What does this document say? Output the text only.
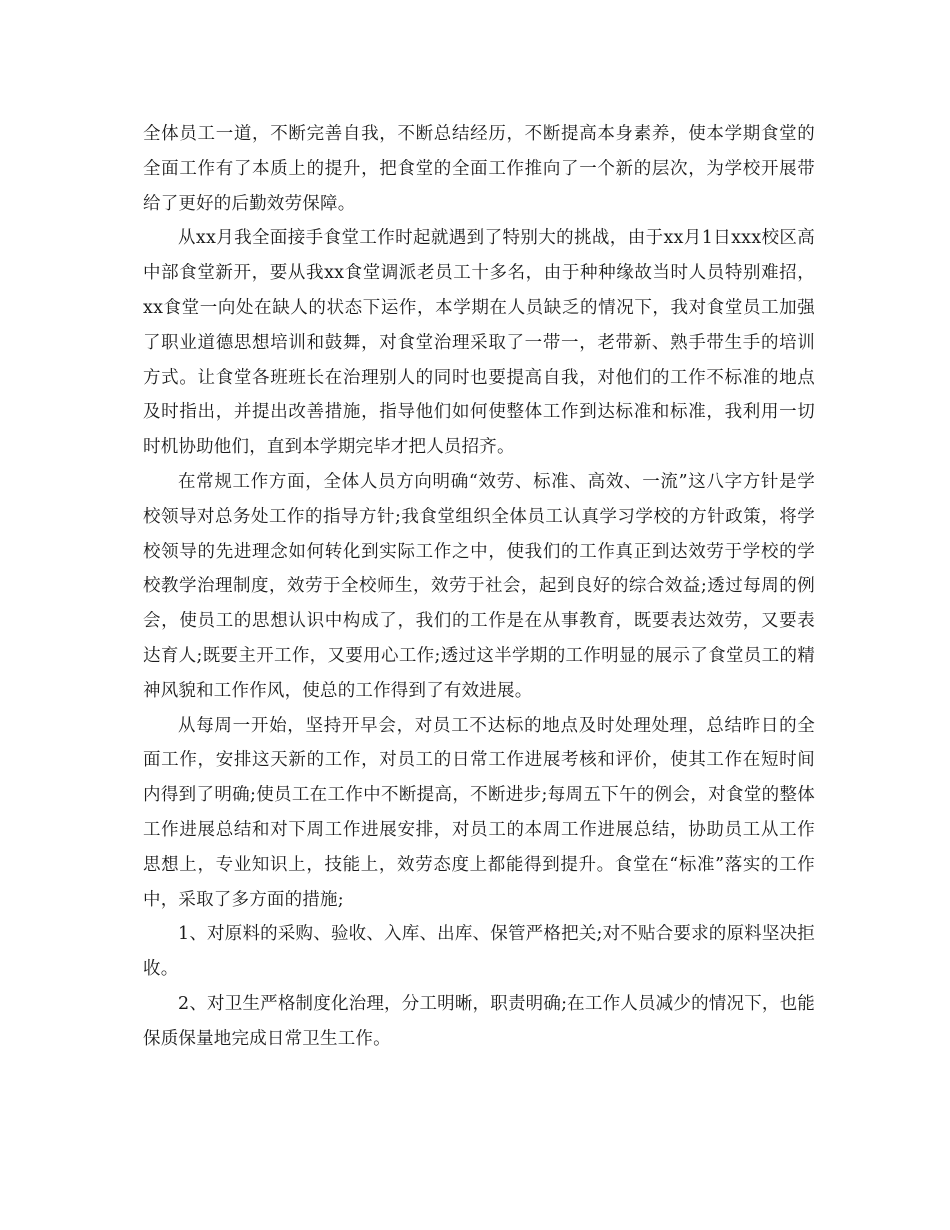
全体员工一道，不断完善自我，不断总结经历，不断提高本身素养，使本学期食堂的全面工作有了本质上的提升，把食堂的全面工作推向了一个新的层次，为学校开展带给了更好的后勤效劳保障。

从xx月我全面接手食堂工作时起就遇到了特别大的挑战，由于xx月1日xxx校区高中部食堂新开，要从我xx食堂调派老员工十多名，由于种种缘故当时人员特别难招，xx食堂一向处在缺人的状态下运作，本学期在人员缺乏的情况下，我对食堂员工加强了职业道德思想培训和鼓舞，对食堂治理采取了一带一，老带新、熟手带生手的培训方式。让食堂各班班长在治理别人的同时也要提高自我，对他们的工作不标准的地点及时指出，并提出改善措施，指导他们如何使整体工作到达标准和标准，我利用一切时机协助他们，直到本学期完毕才把人员招齐。

在常规工作方面，全体人员方向明确“效劳、标准、高效、一流”这八字方针是学校领导对总务处工作的指导方针;我食堂组织全体员工认真学习学校的方针政策，将学校领导的先进理念如何转化到实际工作之中，使我们的工作真正到达效劳于学校的学校教学治理制度，效劳于全校师生，效劳于社会，起到良好的综合效益;透过每周的例会，使员工的思想认识中构成了，我们的工作是在从事教育，既要表达效劳，又要表达育人;既要主开工作，又要用心工作;透过这半学期的工作明显的展示了食堂员工的精神风貌和工作作风，使总的工作得到了有效进展。

从每周一开始，坚持开早会，对员工不达标的地点及时处理处理，总结昨日的全面工作，安排这天新的工作，对员工的日常工作进展考核和评价，使其工作在短时间内得到了明确;使员工在工作中不断提高，不断进步;每周五下午的例会，对食堂的整体工作进展总结和对下周工作进展安排，对员工的本周工作进展总结，协助员工从工作思想上，专业知识上，技能上，效劳态度上都能得到提升。食堂在“标准”落实的工作中，采取了多方面的措施;

1、对原料的采购、验收、入库、出库、保管严格把关;对不贴合要求的原料坚决拒收。

2、对卫生严格制度化治理，分工明晰，职责明确;在工作人员减少的情况下，也能保质保量地完成日常卫生工作。
